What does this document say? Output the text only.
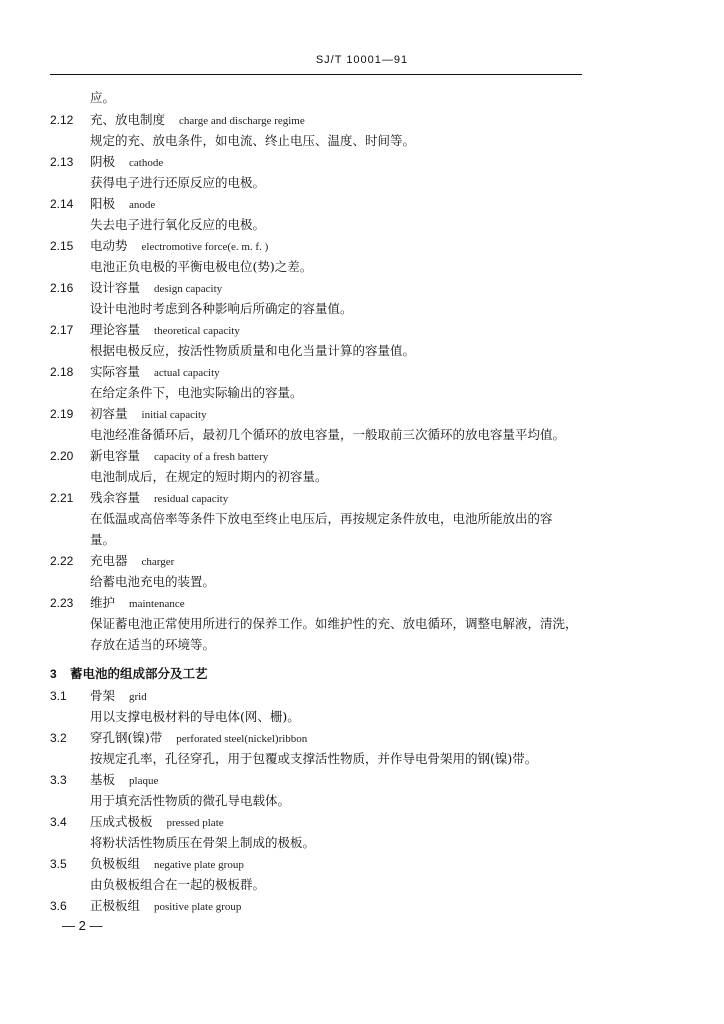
SJ/T 10001—91
应。
2.12 充、放电制度 charge and discharge regime
规定的充、放电条件，如电流、终止电压、温度、时间等。
2.13 阴极 cathode
获得电子进行还原反应的电极。
2.14 阳极 anode
失去电子进行氧化反应的电极。
2.15 电动势 electromotive force(e. m. f. )
电池正负电极的平衡电极电位(势)之差。
2.16 设计容量 design capacity
设计电池时考虑到各种影响后所确定的容量值。
2.17 理论容量 theoretical capacity
根据电极反应，按活性物质质量和电化当量计算的容量值。
2.18 实际容量 actual capacity
在给定条件下，电池实际输出的容量。
2.19 初容量 initial capacity
电池经准备循环后，最初几个循环的放电容量，一般取前三次循环的放电容量平均值。
2.20 新电容量 capacity of a fresh battery
电池制成后，在规定的短时期内的初容量。
2.21 残余容量 residual capacity
在低温或高倍率等条件下放电至终止电压后，再按规定条件放电，电池所能放出的容
量。
2.22 充电器 charger
给蓄电池充电的装置。
2.23 维护 maintenance
保证蓄电池正常使用所进行的保养工作。如维护性的充、放电循环，调整电解液，清洗，
存放在适当的环境等。
3 蓄电池的组成部分及工艺
3.1 骨架 grid
用以支撑电极材料的导电体(网、栅)。
3.2 穿孔钢(镍)带 perforated steel(nickel)ribbon
按规定孔率，孔径穿孔，用于包覆或支撑活性物质，并作导电骨架用的钢(镍)带。
3.3 基板 plaque
用于填充活性物质的微孔导电载体。
3.4 压成式极板 pressed plate
将粉状活性物质压在骨架上制成的极板。
3.5 负极板组 negative plate group
由负极板组合在一起的极板群。
3.6 正极板组 positive plate group
— 2 —
